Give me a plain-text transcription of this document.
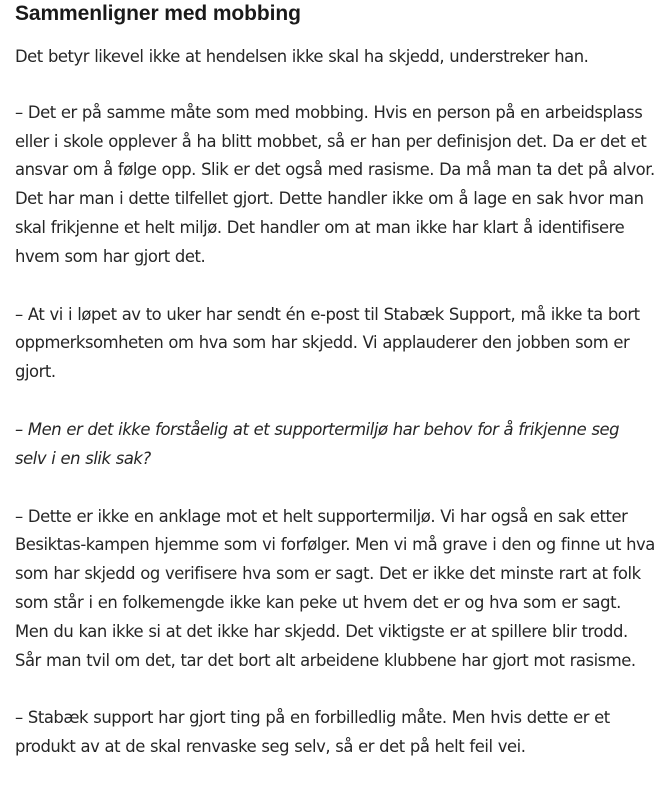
Sammenligner med mobbing

Det betyr likevel ikke at hendelsen ikke skal ha skjedd, understreker han.

– Det er på samme måte som med mobbing. Hvis en person på en arbeidsplass eller i skole opplever å ha blitt mobbet, så er han per definisjon det. Da er det et ansvar om å følge opp. Slik er det også med rasisme. Da må man ta det på alvor. Det har man i dette tilfellet gjort. Dette handler ikke om å lage en sak hvor man skal frikjenne et helt miljø. Det handler om at man ikke har klart å identifisere hvem som har gjort det.

– At vi i løpet av to uker har sendt én e-post til Stabæk Support, må ikke ta bort oppmerksomheten om hva som har skjedd. Vi applauderer den jobben som er gjort.

– Men er det ikke forståelig at et supportermiljø har behov for å frikjenne seg selv i en slik sak?

– Dette er ikke en anklage mot et helt supportermiljø. Vi har også en sak etter Besiktas-kampen hjemme som vi forfølger. Men vi må grave i den og finne ut hva som har skjedd og verifisere hva som er sagt. Det er ikke det minste rart at folk som står i en folkemengde ikke kan peke ut hvem det er og hva som er sagt. Men du kan ikke si at det ikke har skjedd. Det viktigste er at spillere blir trodd. Sår man tvil om det, tar det bort alt arbeidene klubbene har gjort mot rasisme.

– Stabæk support har gjort ting på en forbilledlig måte. Men hvis dette er et produkt av at de skal renvaske seg selv, så er det på helt feil vei.
